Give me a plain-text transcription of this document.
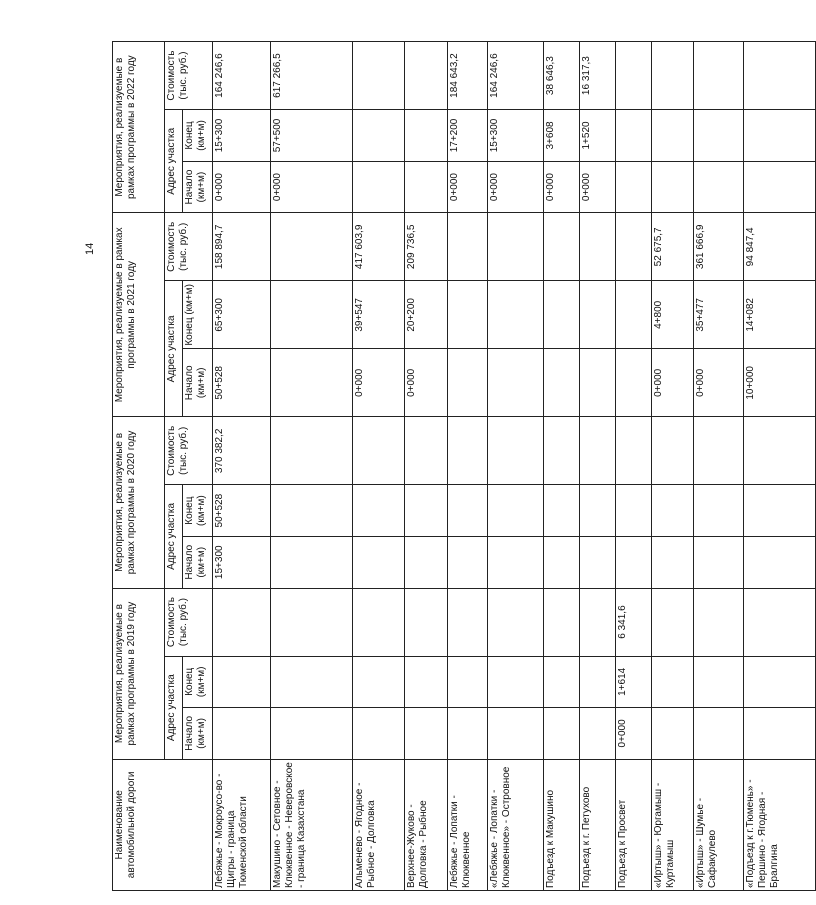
14
Наименование автомобильной дороги	Мероприятия, реализуемые в рамках программы в 2019 году			Мероприятия, реализуемые в рамках программы в 2020 году			Мероприятия, реализуемые в рамках программы в 2021 году			Мероприятия, реализуемые в рамках программы в 2022 году		
	Адрес участка		Стоимость (тыс. руб.)	Адрес участка		Стоимость (тыс. руб.)	Адрес участка		Стоимость (тыс. руб.)	Адрес участка		Стоимость (тыс. руб.)
	Начало (км+м)	Конец (км+м)		Начало (км+м)	Конец (км+м)		Начало (км+м)	Конец (км+м)		Начало (км+м)	Конец (км+м)	
Лебяжье - Мокроусо-во - Щигры - граница Тюменской области				15+300	50+528	370 382,2	50+528	65+300	158 894,7	0+000	15+300	164 246,6
Макушино - Сетовное - Клюквенное - Неверовское - граница Казахстана										0+000	57+500	617 266,5
Альменево - Ягодное - Рыбное - Долговка							0+000	39+547	417 603,9			
Верхнее-Жуково - Долговка - Рыбное							0+000	20+200	209 736,5			
Лебяжье - Лопатки - Клюквенное										0+000	17+200	184 643,2
«Лебяжье - Лопатки - Клюквенное» - Островное										0+000	15+300	164 246,6
Подъезд к Макушино										0+000	3+608	38 646,3
Подъезд к г. Петухово										0+000	1+520	16 317,3
Подъезд к Просвет	0+000	1+614	6 341,6									
«Иртыш» - Юргамыш - Куртамыш							0+000	4+800	52 675,7			
«Иртыш» - Шумье - Сафакулево							0+000	35+477	361 666,9			
«Подъезд к г.Тюмень» - Першино - Ягодная - Бралгина							10+000	14+082	94 847,4			
